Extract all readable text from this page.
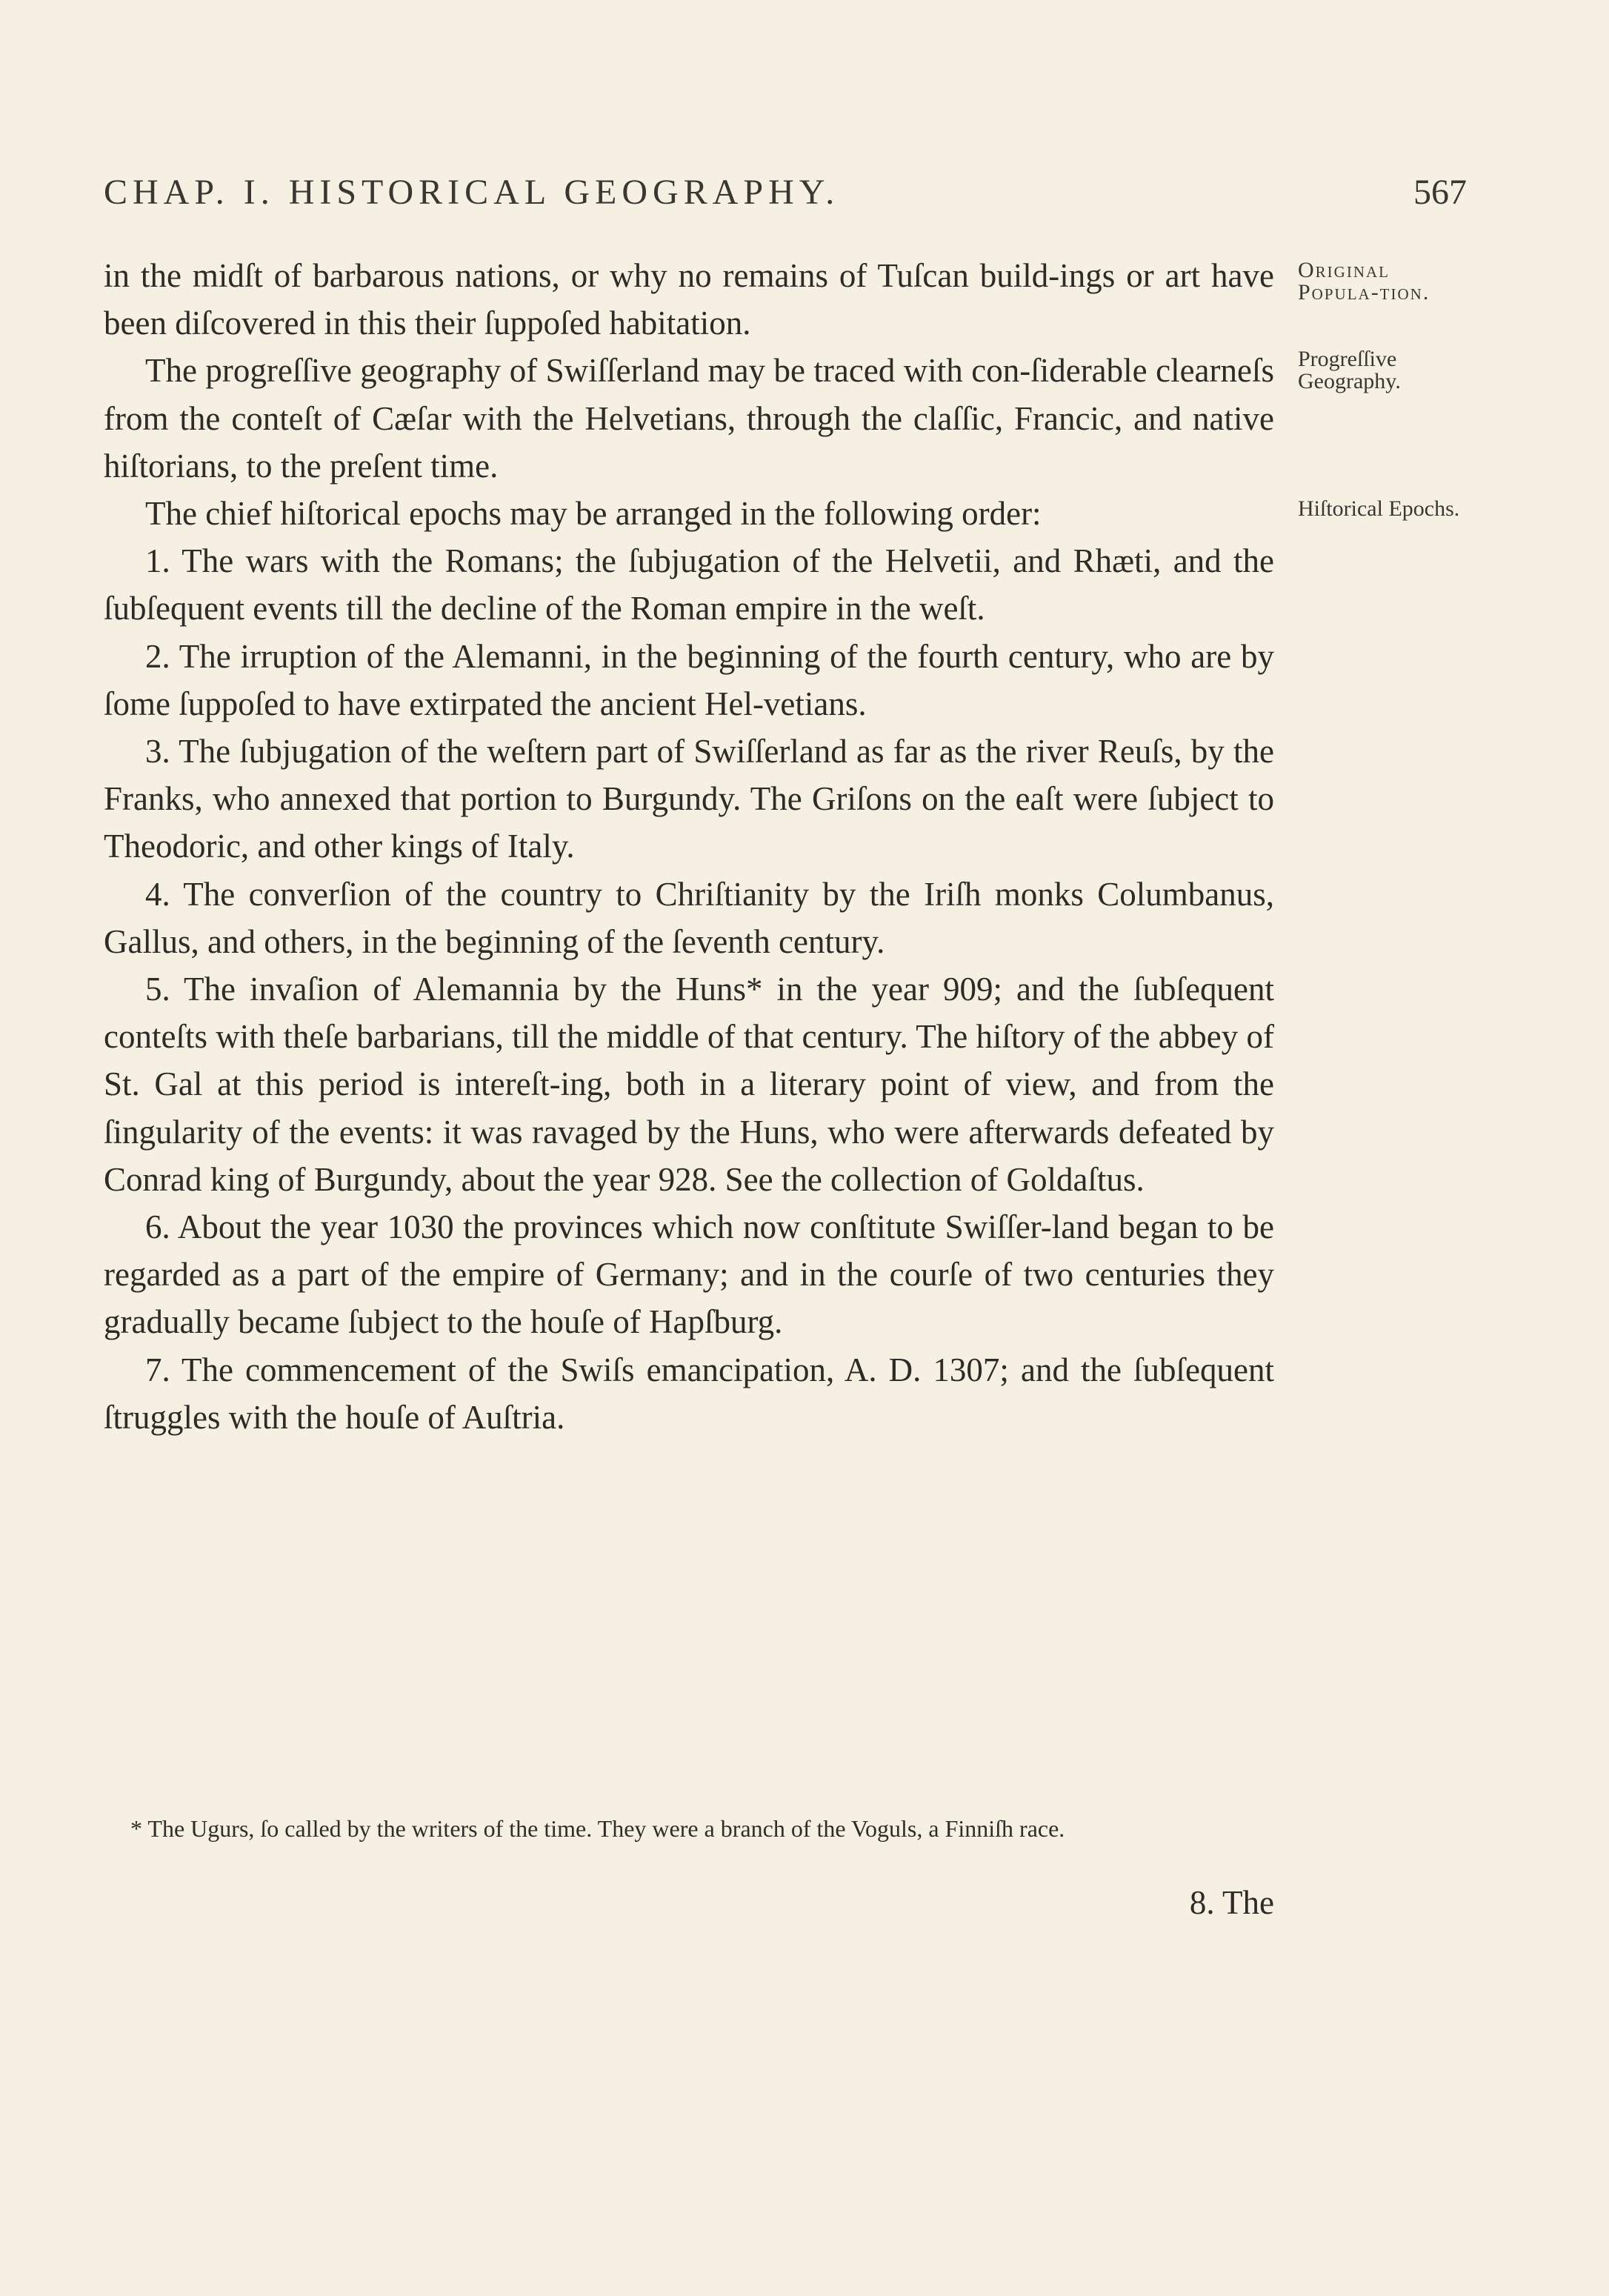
CHAP. I. HISTORICAL GEOGRAPHY.	567

in the midſt of barbarous nations, or why no remains of Tuſcan build-ings or art have been diſcovered in this their ſuppoſed habitation.

The progreſſive geography of Swiſſerland may be traced with con-ſiderable clearneſs from the conteſt of Cæſar with the Helvetians, through the claſſic, Francic, and native hiſtorians, to the preſent time.

The chief hiſtorical epochs may be arranged in the following order:

1. The wars with the Romans; the ſubjugation of the Helvetii, and Rhæti, and the ſubſequent events till the decline of the Roman empire in the weſt.

2. The irruption of the Alemanni, in the beginning of the fourth century, who are by ſome ſuppoſed to have extirpated the ancient Hel-vetians.

3. The ſubjugation of the weſtern part of Swiſſerland as far as the river Reuſs, by the Franks, who annexed that portion to Burgundy. The Griſons on the eaſt were ſubject to Theodoric, and other kings of Italy.

4. The converſion of the country to Chriſtianity by the Iriſh monks Columbanus, Gallus, and others, in the beginning of the ſeventh century.

5. The invaſion of Alemannia by the Huns* in the year 909; and the ſubſequent conteſts with theſe barbarians, till the middle of that century. The hiſtory of the abbey of St. Gal at this period is intereſt-ing, both in a literary point of view, and from the ſingularity of the events: it was ravaged by the Huns, who were afterwards defeated by Conrad king of Burgundy, about the year 928. See the collection of Goldaſtus.

6. About the year 1030 the provinces which now conſtitute Swiſſer-land began to be regarded as a part of the empire of Germany; and in the courſe of two centuries they gradually became ſubject to the houſe of Hapſburg.

7. The commencement of the Swiſs emancipation, A. D. 1307; and the ſubſequent ſtruggles with the houſe of Auſtria.

Original Popula-tion.
Progreſſive Geography.
Hiſtorical Epochs.

* The Ugurs, ſo called by the writers of the time. They were a branch of the Voguls, a Finniſh race.

8. The
